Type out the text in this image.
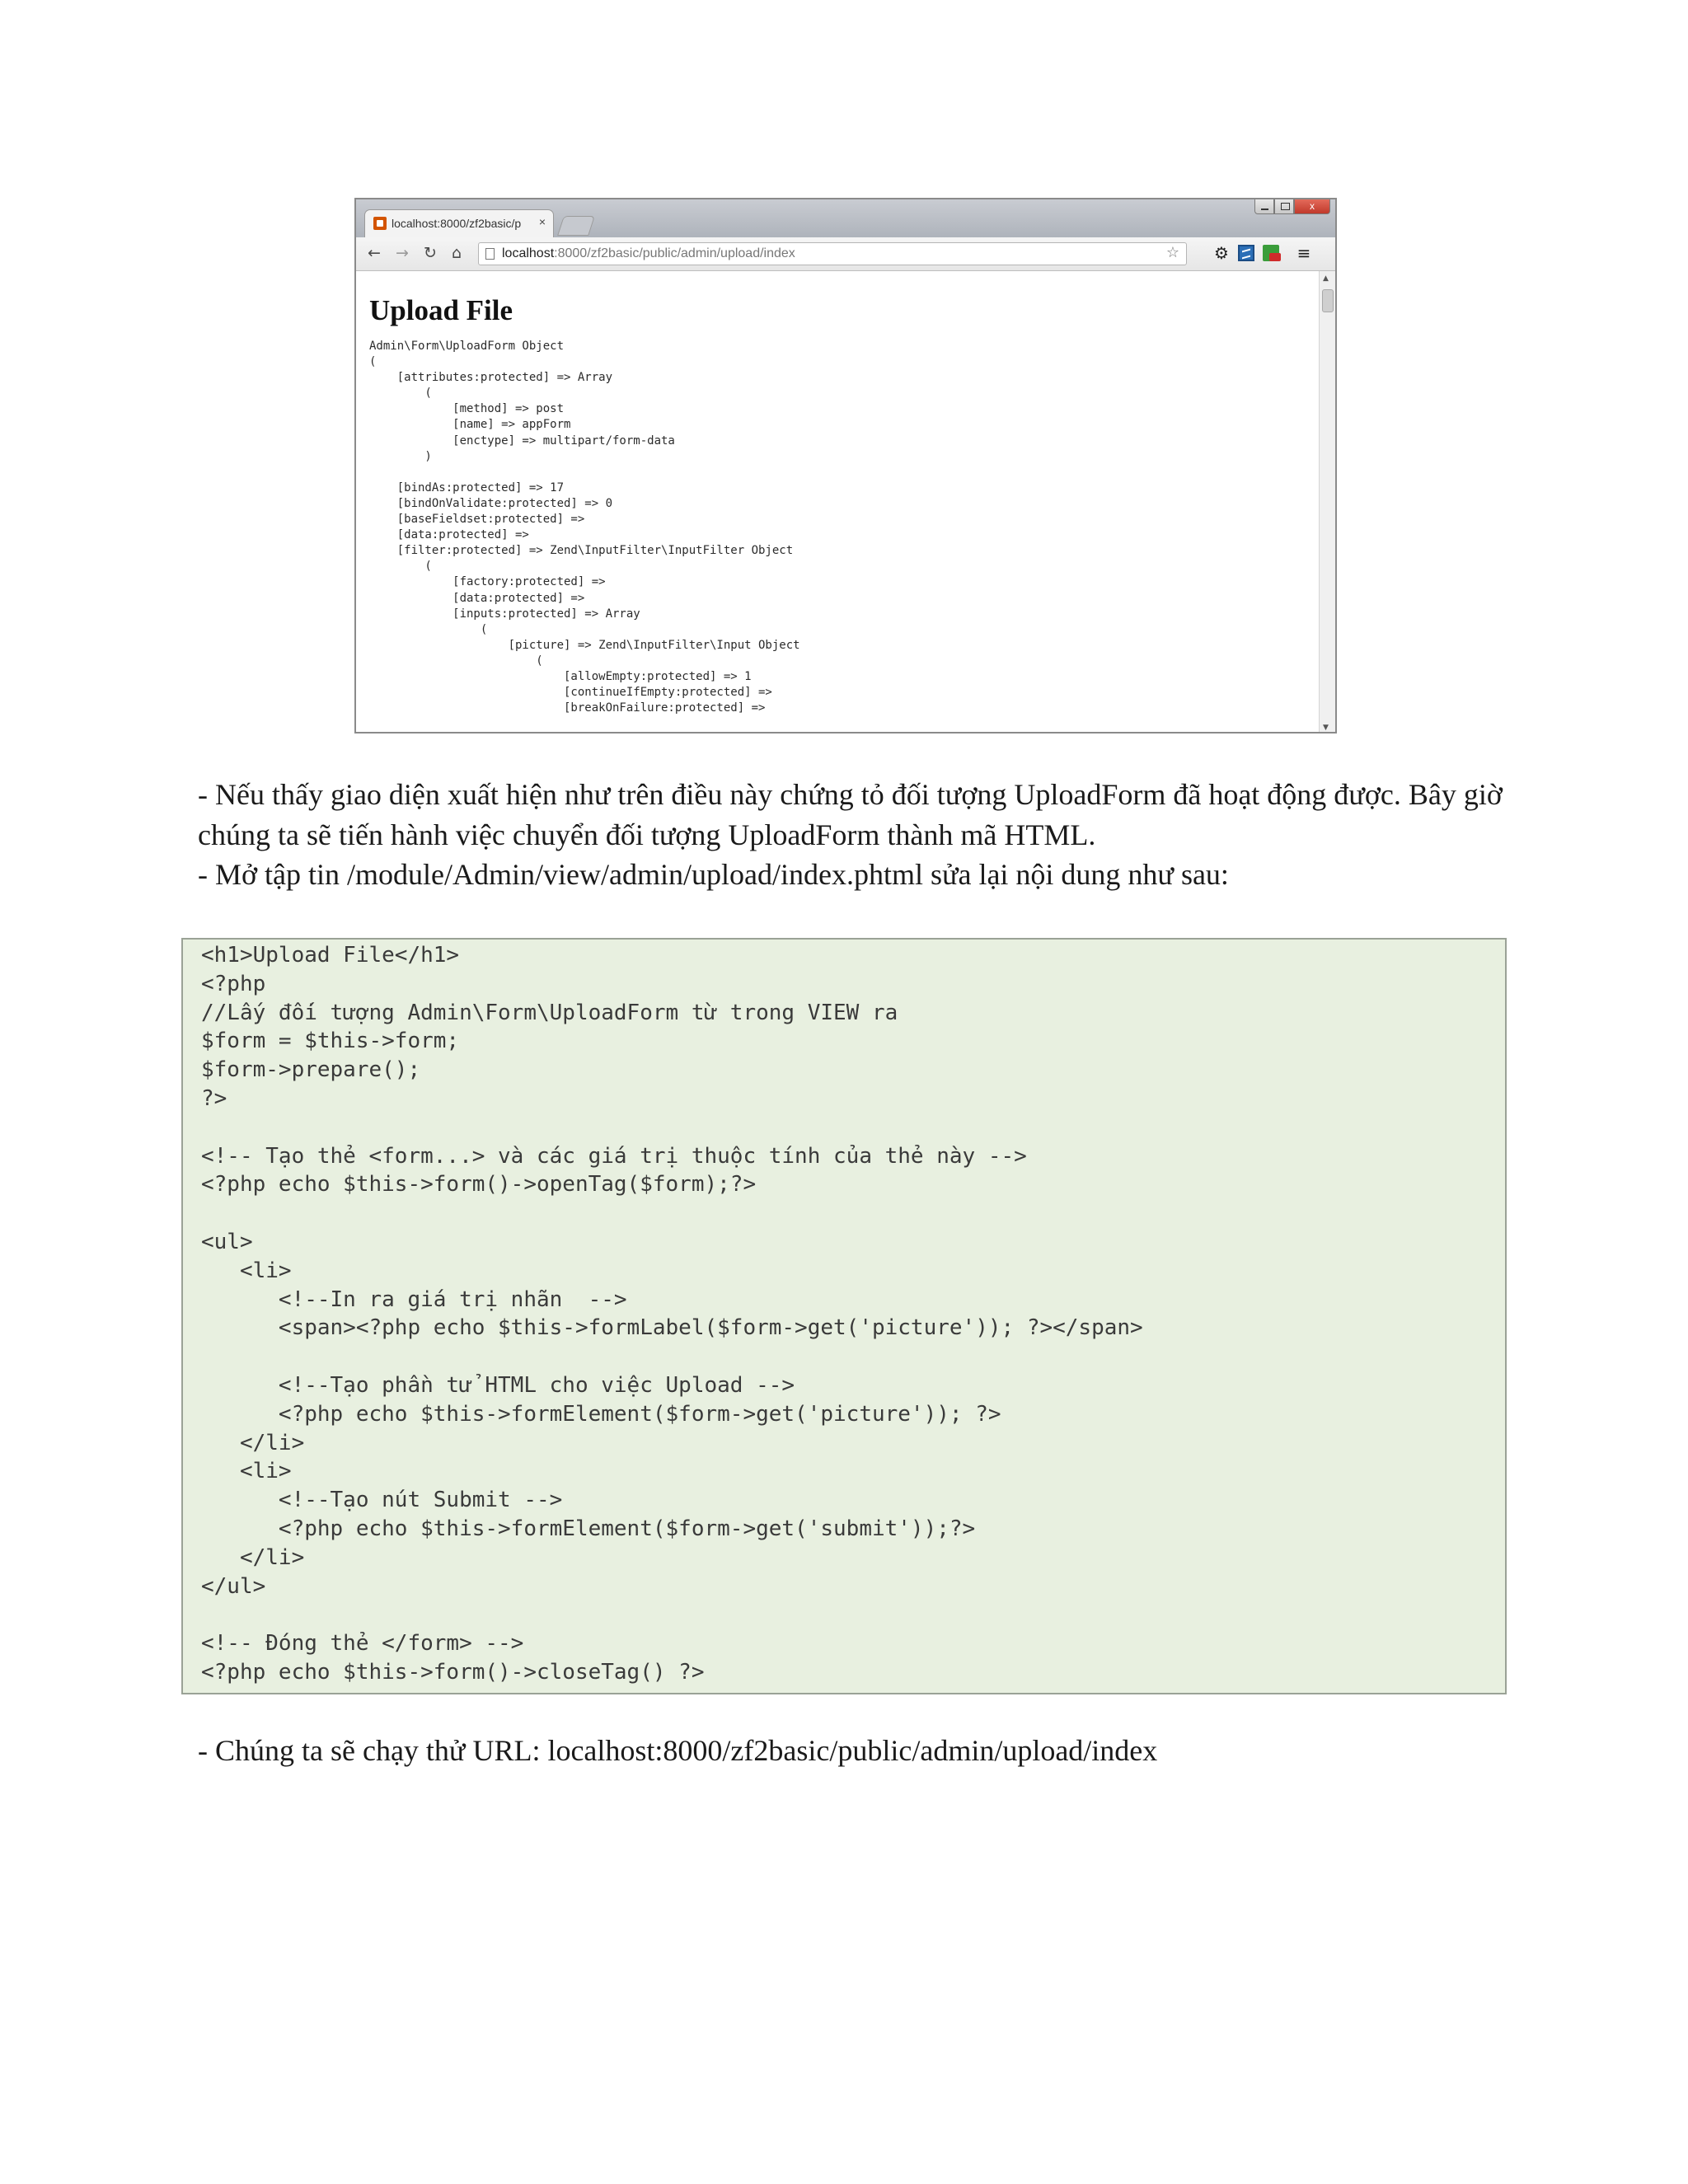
localhost:8000/zf2basic/p ×
x
← → ↻ ⌂	localhost:8000/zf2basic/public/admin/upload/index	☆ ⚙	≡
Upload File
Admin\Form\UploadForm Object
(
[attributes:protected] => Array
(
[method] => post
[name] => appForm
[enctype] => multipart/form-data
)

[bindAs:protected] => 17
[bindOnValidate:protected] => 0
[baseFieldset:protected] =>
[data:protected] =>
[filter:protected] => Zend\InputFilter\InputFilter Object
(
[factory:protected] =>
[data:protected] =>
[inputs:protected] => Array
(
[picture] => Zend\InputFilter\Input Object
(
[allowEmpty:protected] => 1
[continueIfEmpty:protected] =>
[breakOnFailure:protected] =>
▲
▼

- Nếu thấy giao diện xuất hiện như trên điều này chứng tỏ đối tượng UploadForm đã hoạt động được. Bây giờ chúng ta sẽ tiến hành việc chuyển đối tượng UploadForm thành mã HTML.

- Mở tập tin /module/Admin/view/admin/upload/index.phtml sửa lại nội dung như sau:

<h1>Upload File</h1>
<?php
//Lấy đối tượng Admin\Form\UploadForm từ trong VIEW ra
$form = $this->form;
$form->prepare();
?>

<!-- Tạo thẻ <form...> và các giá trị thuộc tính của thẻ này -->
<?php echo $this->form()->openTag($form);?>

<ul>
<li>
<!--In ra giá trị nhãn  -->
<span><?php echo $this->formLabel($form->get('picture')); ?></span>

<!--Tạo phần tử HTML cho việc Upload -->
<?php echo $this->formElement($form->get('picture')); ?>
</li>
<li>
<!--Tạo nút Submit -->
<?php echo $this->formElement($form->get('submit'));?>
</li>
</ul>

<!-- Đóng thẻ </form> -->
<?php echo $this->form()->closeTag() ?>

- Chúng ta sẽ chạy thử URL: localhost:8000/zf2basic/public/admin/upload/index
